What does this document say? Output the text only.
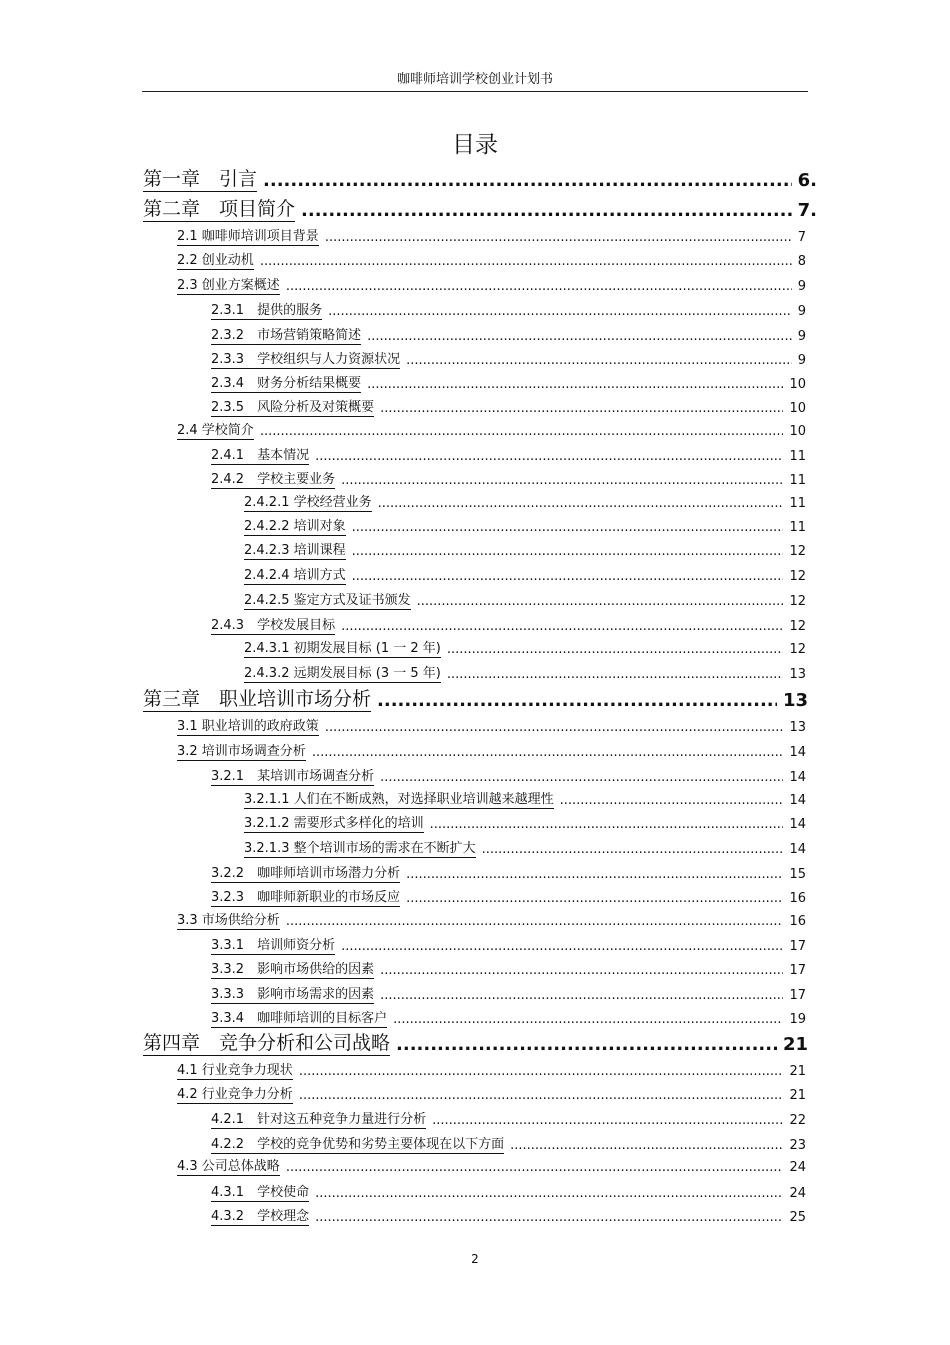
咖啡师培训学校创业计划书
目录
第一章　引言 .....	6.
第二章　项目简介 .....	7.
2.1 咖啡师培训项目背景 .....	7
2.2 创业动机 .....	8
2.3 创业方案概述 .....	9
2.3.1　提供的服务 .....	9
2.3.2　市场营销策略简述 .....	9
2.3.3　学校组织与人力资源状况 .....	9
2.3.4　财务分析结果概要 .....	10
2.3.5　风险分析及对策概要 .....	10
2.4 学校简介 .....	10
2.4.1　基本情况 .....	11
2.4.2　学校主要业务 .....	11
2.4.2.1 学校经营业务 .....	11
2.4.2.2 培训对象 .....	11
2.4.2.3 培训课程 .....	12
2.4.2.4 培训方式 .....	12
2.4.2.5 鉴定方式及证书颁发 .....	12
2.4.3　学校发展目标 .....	12
2.4.3.1 初期发展目标 (1 一 2 年) .....	12
2.4.3.2 远期发展目标 (3 一 5 年) .....	13
第三章　职业培训市场分析 .....	13
3.1 职业培训的政府政策 .....	13
3.2 培训市场调查分析 .....	14
3.2.1　某培训市场调查分析 .....	14
3.2.1.1 人们在不断成熟，对选择职业培训越来越理性 .....	14
3.2.1.2 需要形式多样化的培训 .....	14
3.2.1.3 整个培训市场的需求在不断扩大 .....	14
3.2.2　咖啡师培训市场潜力分析 .....	15
3.2.3　咖啡师新职业的市场反应 .....	16
3.3 市场供给分析 .....	16
3.3.1　培训师资分析 .....	17
3.3.2　影响市场供给的因素 .....	17
3.3.3　影响市场需求的因素 .....	17
3.3.4　咖啡师培训的目标客户 .....	19
第四章　竞争分析和公司战略 .....	21
4.1 行业竞争力现状 .....	21
4.2 行业竞争力分析 .....	21
4.2.1　针对这五种竞争力量进行分析 .....	22
4.2.2　学校的竞争优势和劣势主要体现在以下方面 .....	23
4.3 公司总体战略 .....	24
4.3.1　学校使命 .....	24
4.3.2　学校理念 .....	25
2
